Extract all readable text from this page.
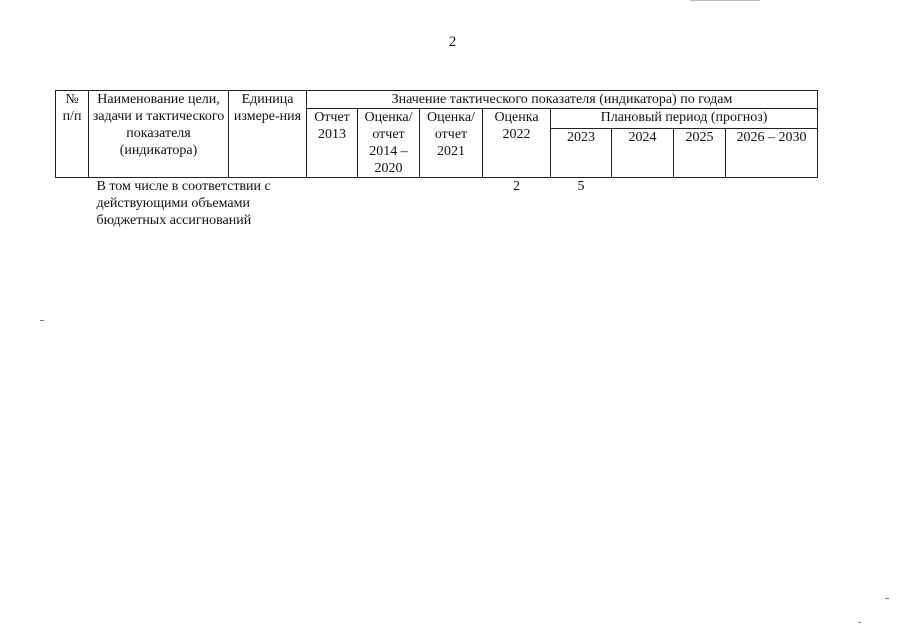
2
№ п/п	Наименование цели, задачи и тактического показателя (индикатора)	Единица измере-ния	Значение тактического показателя (индикатора) по годам							
			Отчет 2013	Оценка/ отчет 2014 – 2020	Оценка/ отчет 2021	Оценка 2022	Плановый период (прогноз)			
							2023	2024	2025	2026 – 2030
	В том числе в соответствии с действующими объемами бюджетных ассигнований					2	5			
